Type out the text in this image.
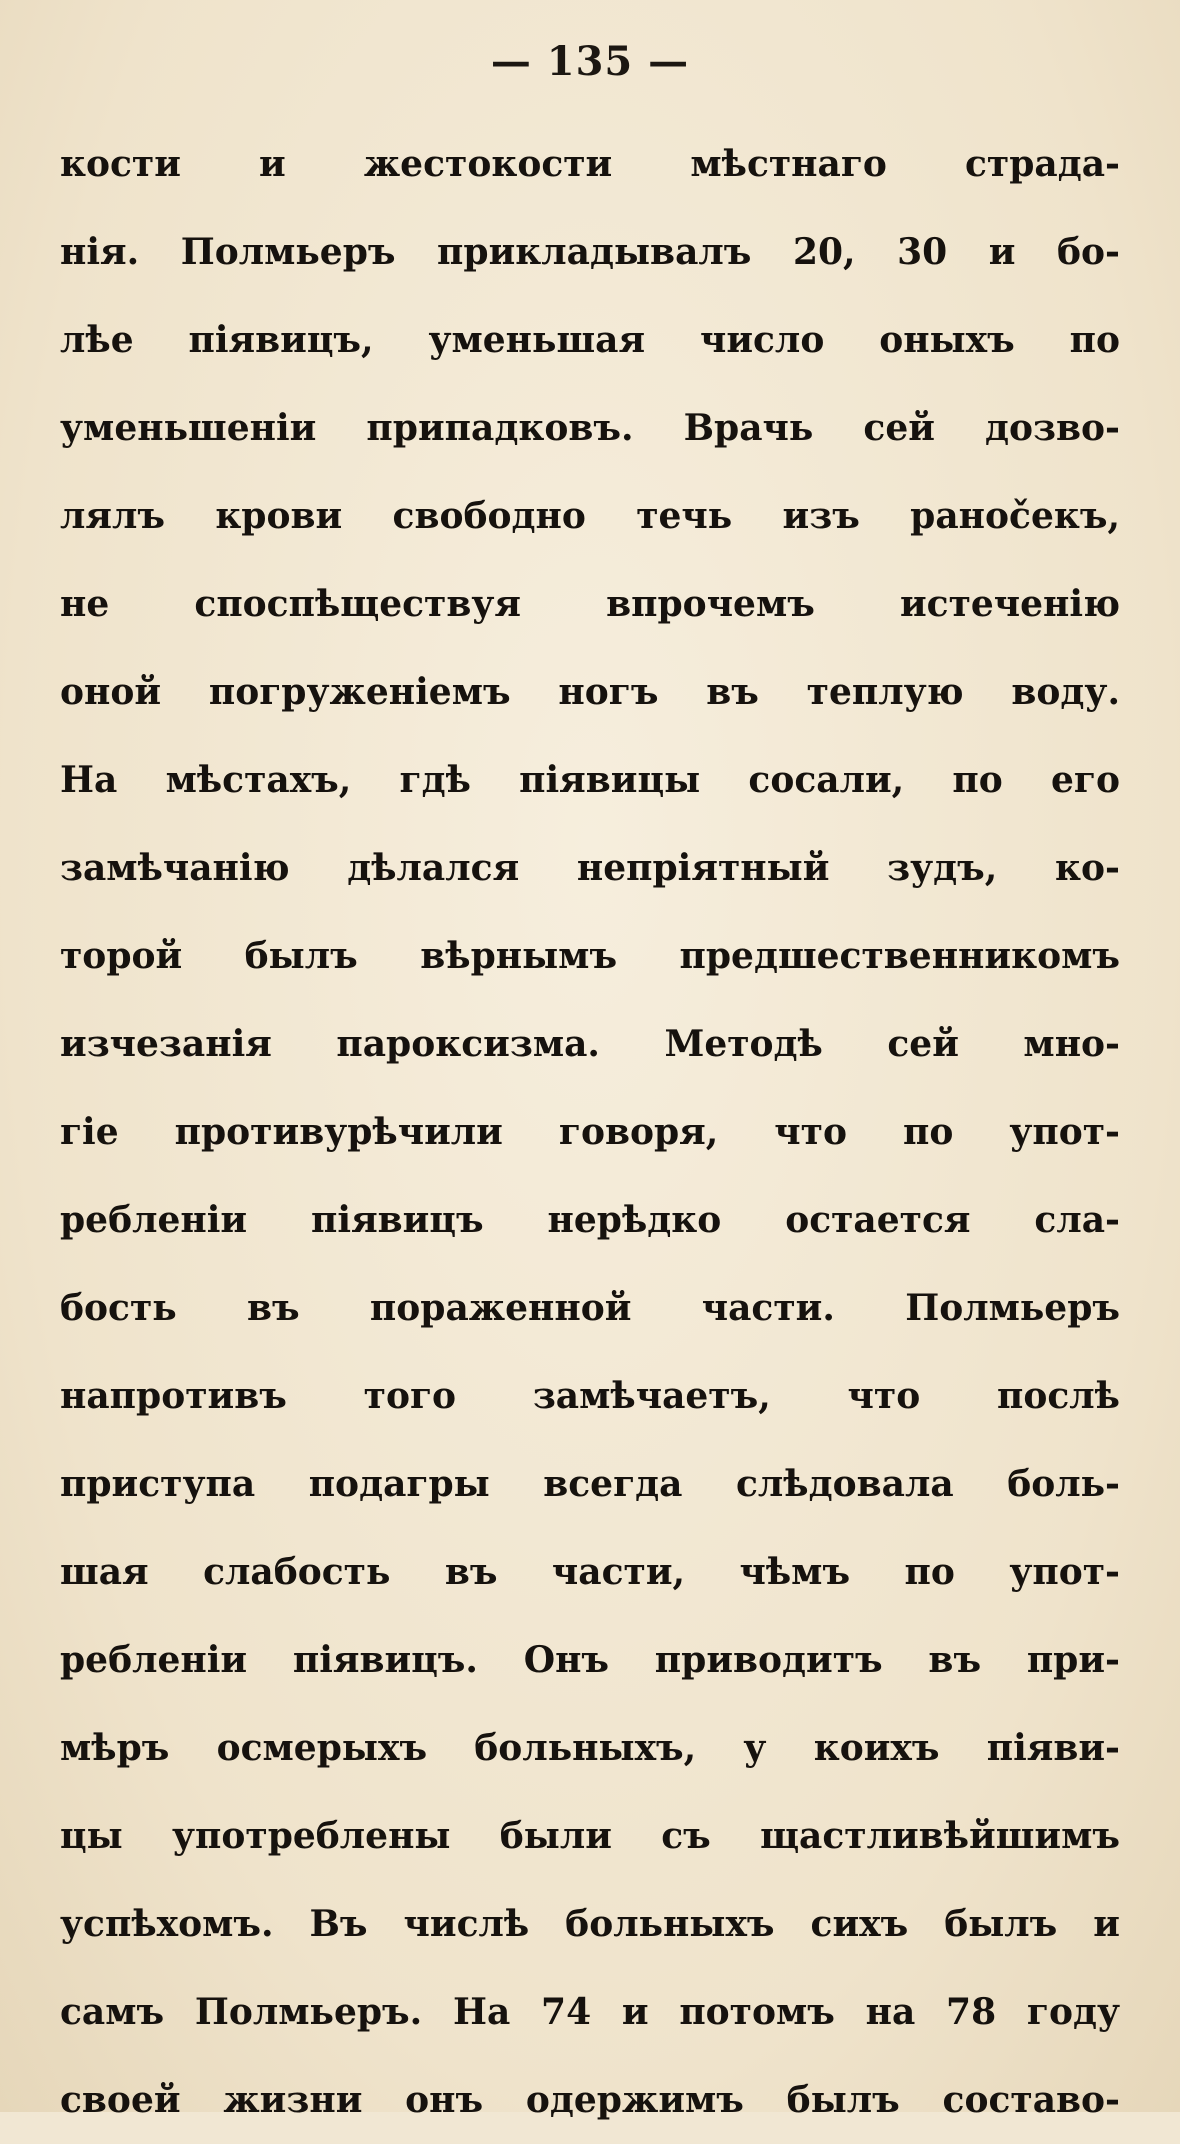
— 135 —
кости и жестокости мѣстнаго страда-
нія. Полмьеръ прикладывалъ 20, 30 и бо-
лѣе піявицъ, уменьшая число оныхъ по
уменьшеніи припадковъ. Врачь сей дозво-
лялъ крови свободно течь изъ ранočекъ,
не споспѣществуя впрочемъ истеченію
оной погруженіемъ ногъ въ теплую воду.
На мѣстахъ, гдѣ піявицы сосали, по его
замѣчанію дѣлался непріятный зудъ, ко-
торой былъ вѣрнымъ предшественникомъ
изчезанія пароксизма. Методѣ сей мно-
гіе противурѣчили говоря, что по упот-
ребленіи піявицъ нерѣдко остается сла-
бость въ пораженной части. Полмьеръ
напротивъ того замѣчаетъ, что послѣ
приступа подагры всегда слѣдовала боль-
шая слабость въ части, чѣмъ по упот-
ребленіи піявицъ. Онъ приводитъ въ при-
мѣръ осмерыхъ больныхъ, у коихъ піяви-
цы употреблены были съ щастливѣйшимъ
успѣхомъ. Въ числѣ больныхъ сихъ былъ и
самъ Полмьеръ. На 74 и потомъ на 78 году
своей жизни онъ одержимъ былъ составо-
